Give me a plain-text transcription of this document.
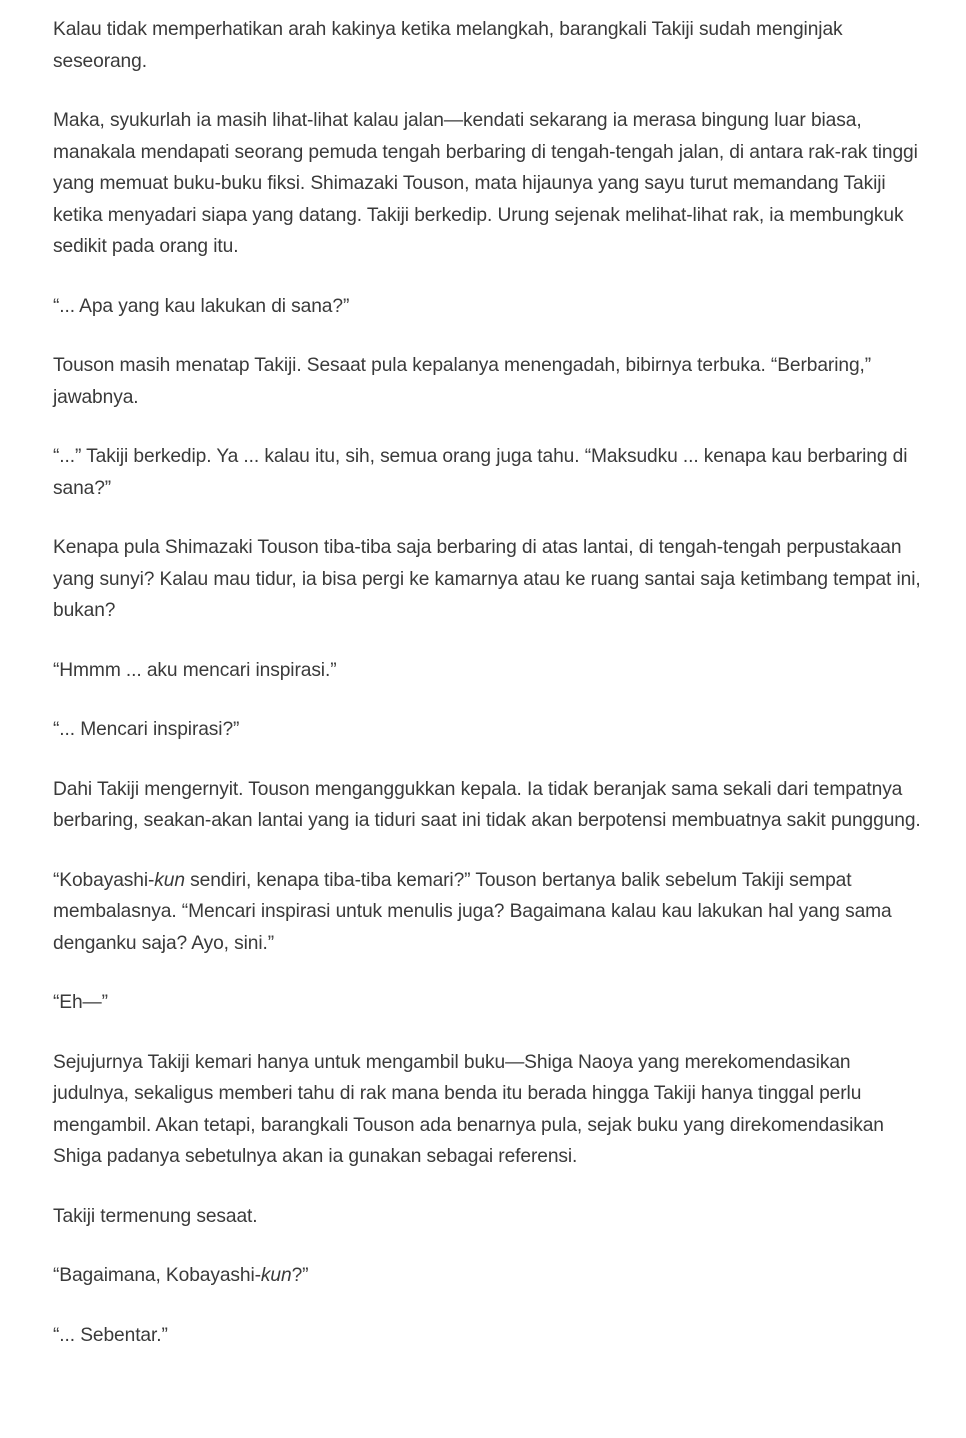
Kalau tidak memperhatikan arah kakinya ketika melangkah, barangkali Takiji sudah menginjak seseorang.

Maka, syukurlah ia masih lihat-lihat kalau jalan—kendati sekarang ia merasa bingung luar biasa, manakala mendapati seorang pemuda tengah berbaring di tengah-tengah jalan, di antara rak-rak tinggi yang memuat buku-buku fiksi. Shimazaki Touson, mata hijaunya yang sayu turut memandang Takiji ketika menyadari siapa yang datang. Takiji berkedip. Urung sejenak melihat-lihat rak, ia membungkuk sedikit pada orang itu.

“... Apa yang kau lakukan di sana?”

Touson masih menatap Takiji. Sesaat pula kepalanya menengadah, bibirnya terbuka. “Berbaring,” jawabnya.

“...” Takiji berkedip. Ya ... kalau itu, sih, semua orang juga tahu. “Maksudku ... kenapa kau berbaring di sana?”

Kenapa pula Shimazaki Touson tiba-tiba saja berbaring di atas lantai, di tengah-tengah perpustakaan yang sunyi? Kalau mau tidur, ia bisa pergi ke kamarnya atau ke ruang santai saja ketimbang tempat ini, bukan?

“Hmmm ... aku mencari inspirasi.”

“... Mencari inspirasi?”

Dahi Takiji mengernyit. Touson menganggukkan kepala. Ia tidak beranjak sama sekali dari tempatnya berbaring, seakan-akan lantai yang ia tiduri saat ini tidak akan berpotensi membuatnya sakit punggung.

“Kobayashi-kun sendiri, kenapa tiba-tiba kemari?” Touson bertanya balik sebelum Takiji sempat membalasnya. “Mencari inspirasi untuk menulis juga? Bagaimana kalau kau lakukan hal yang sama denganku saja? Ayo, sini.”

“Eh—”

Sejujurnya Takiji kemari hanya untuk mengambil buku—Shiga Naoya yang merekomendasikan judulnya, sekaligus memberi tahu di rak mana benda itu berada hingga Takiji hanya tinggal perlu mengambil. Akan tetapi, barangkali Touson ada benarnya pula, sejak buku yang direkomendasikan Shiga padanya sebetulnya akan ia gunakan sebagai referensi.

Takiji termenung sesaat.

“Bagaimana, Kobayashi-kun?”

“... Sebentar.”
